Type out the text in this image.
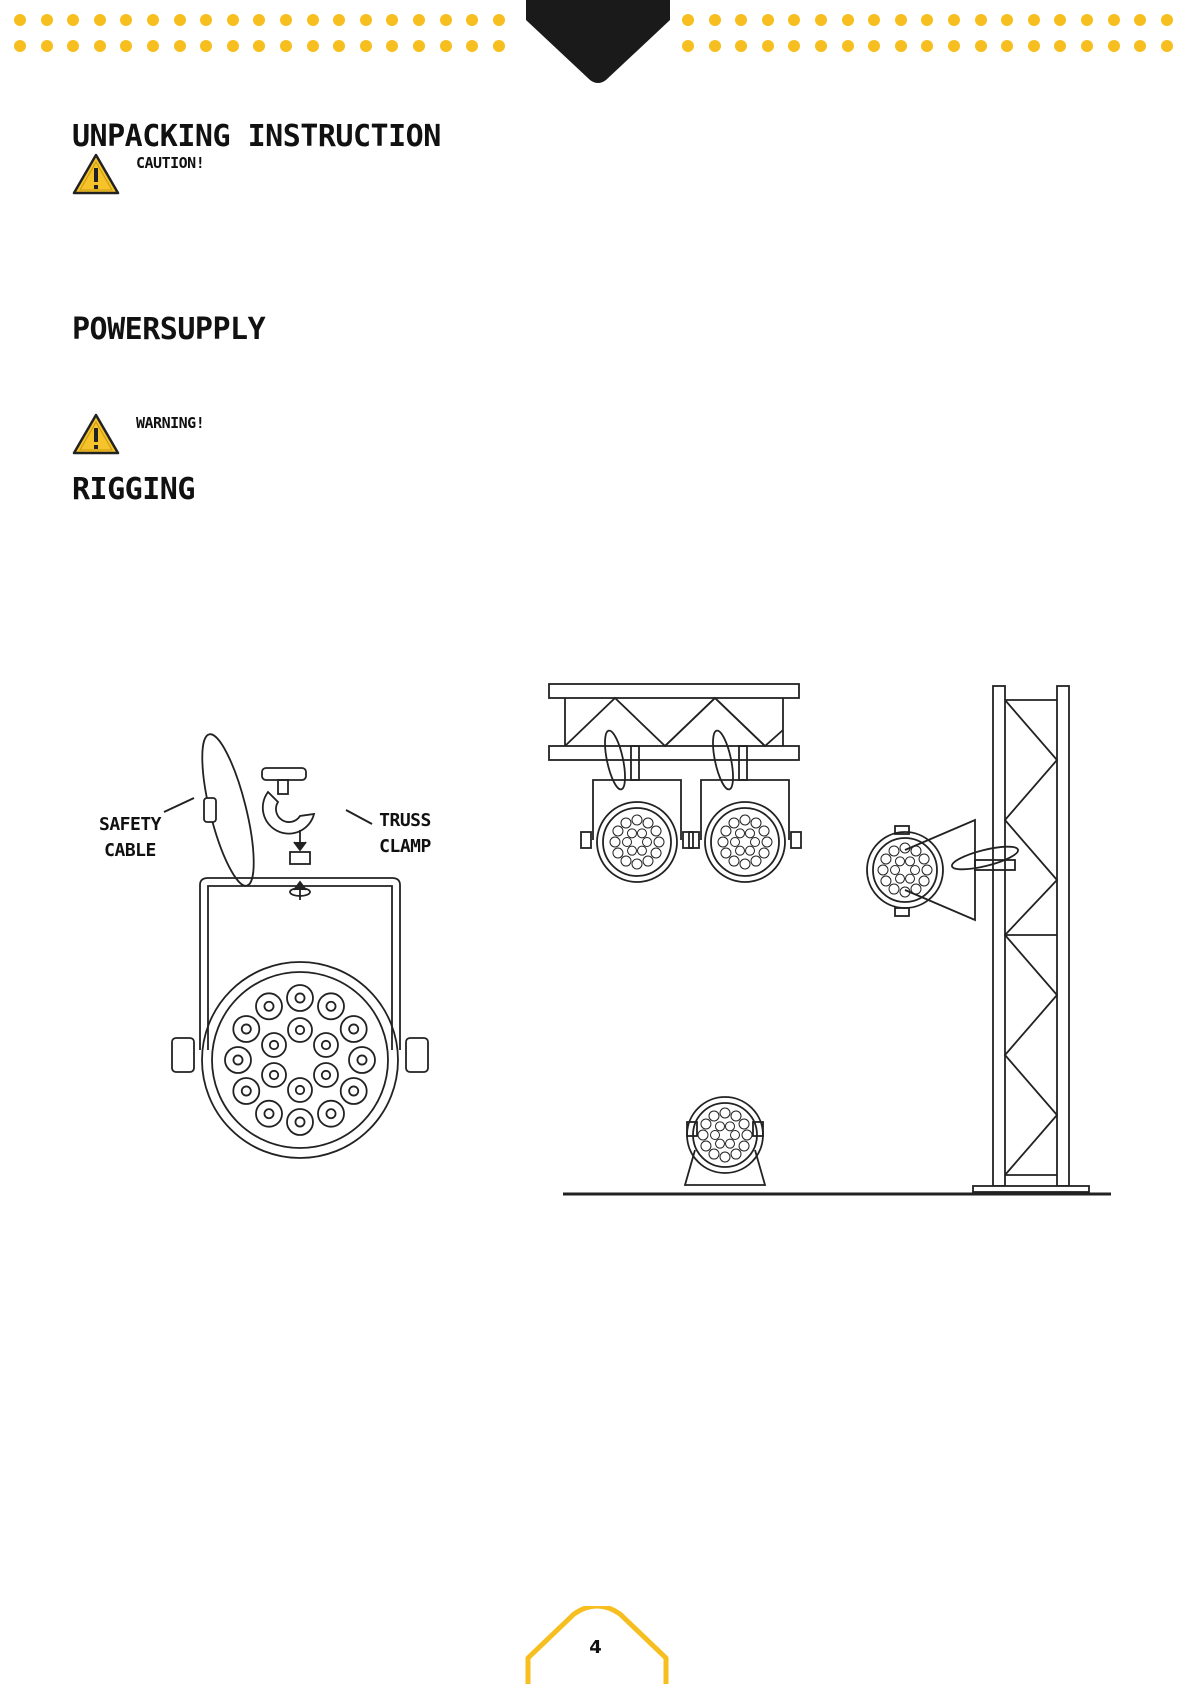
UNPACKING INSTRUCTION
CAUTION!
POWERSUPPLY
WARNING!
RIGGING
SAFETY
CABLE
TRUSS
CLAMP
4
